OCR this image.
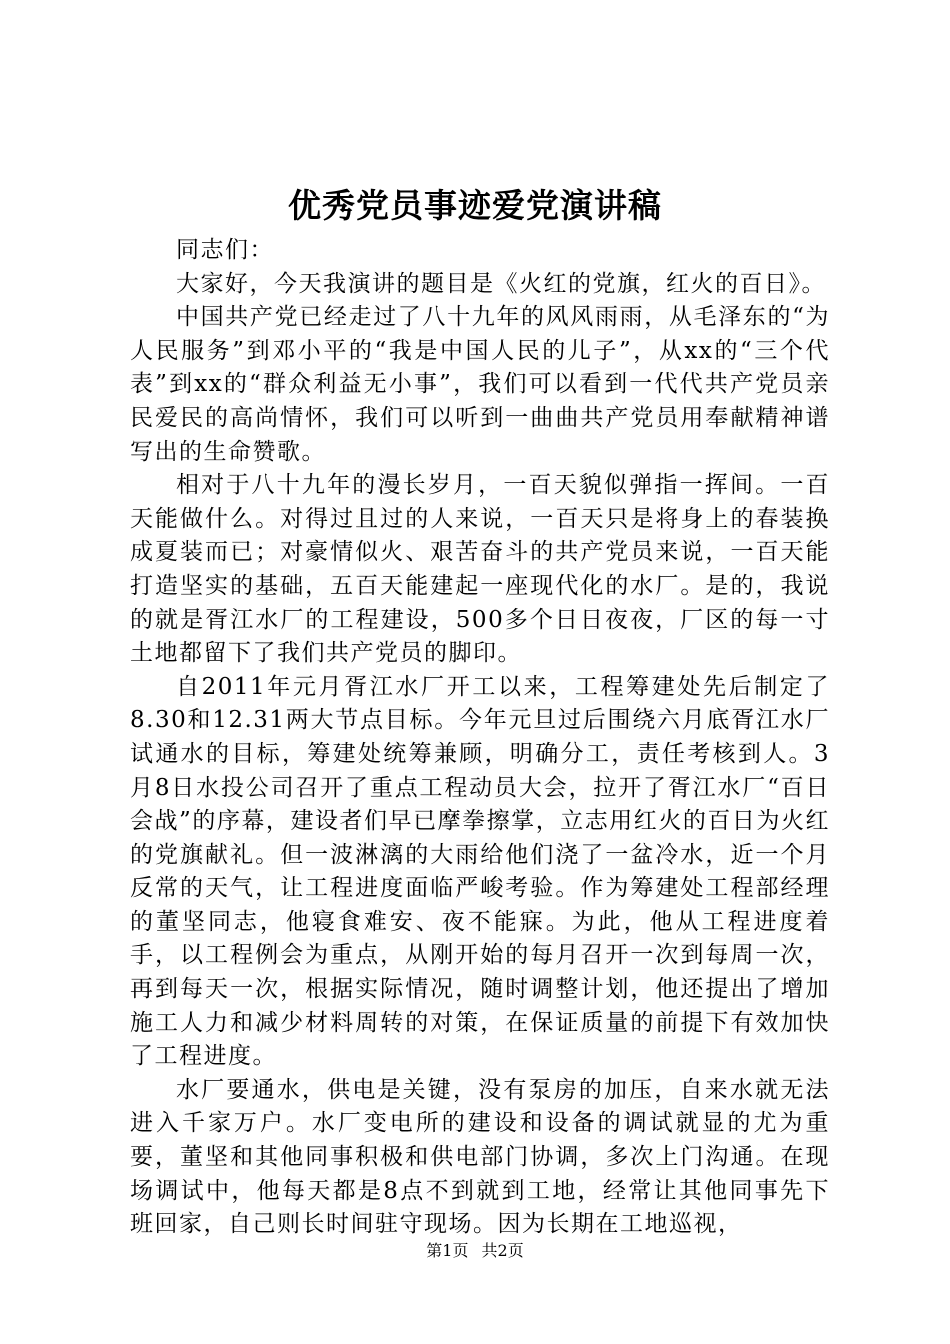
优秀党员事迹爱党演讲稿

同志们：

大家好，今天我演讲的题目是《火红的党旗，红火的百日》。

中国共产党已经走过了八十九年的风风雨雨，从毛泽东的“为人民服务”到邓小平的“我是中国人民的儿子”，从xx的“三个代表”到xx的“群众利益无小事”，我们可以看到一代代共产党员亲民爱民的高尚情怀，我们可以听到一曲曲共产党员用奉献精神谱写出的生命赞歌。

相对于八十九年的漫长岁月，一百天貌似弹指一挥间。一百天能做什么。对得过且过的人来说，一百天只是将身上的春装换成夏装而已；对豪情似火、艰苦奋斗的共产党员来说，一百天能打造坚实的基础，五百天能建起一座现代化的水厂。是的，我说的就是胥江水厂的工程建设，500多个日日夜夜，厂区的每一寸土地都留下了我们共产党员的脚印。

自2011年元月胥江水厂开工以来，工程筹建处先后制定了8.30和12.31两大节点目标。今年元旦过后围绕六月底胥江水厂试通水的目标，筹建处统筹兼顾，明确分工，责任考核到人。3月8日水投公司召开了重点工程动员大会，拉开了胥江水厂“百日会战”的序幕，建设者们早已摩拳擦掌，立志用红火的百日为火红的党旗献礼。但一波淋漓的大雨给他们浇了一盆冷水，近一个月反常的天气，让工程进度面临严峻考验。作为筹建处工程部经理的董坚同志，他寝食难安、夜不能寐。为此，他从工程进度着手，以工程例会为重点，从刚开始的每月召开一次到每周一次，再到每天一次，根据实际情况，随时调整计划，他还提出了增加施工人力和减少材料周转的对策，在保证质量的前提下有效加快了工程进度。

水厂要通水，供电是关键，没有泵房的加压，自来水就无法进入千家万户。水厂变电所的建设和设备的调试就显的尤为重要，董坚和其他同事积极和供电部门协调，多次上门沟通。在现场调试中，他每天都是8点不到就到工地，经常让其他同事先下班回家，自己则长时间驻守现场。因为长期在工地巡视，

第1页 共2页
